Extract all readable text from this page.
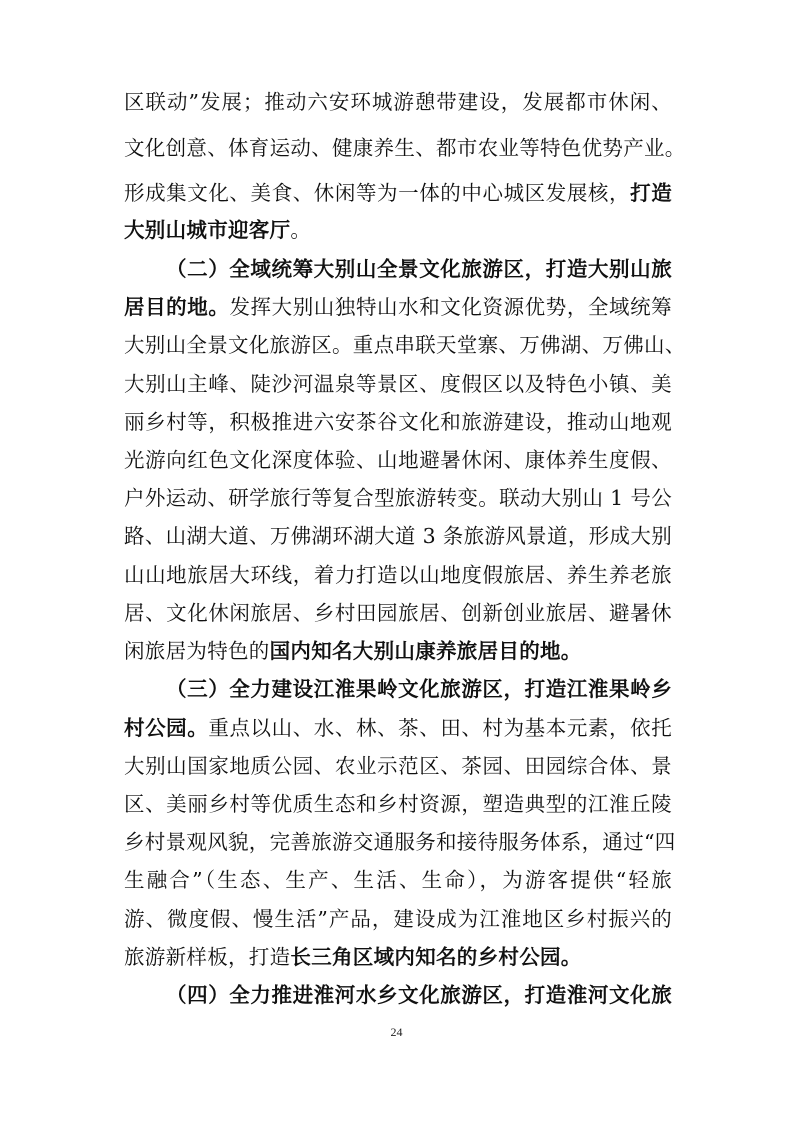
区联动”发展；推动六安环城游憩带建设，发展都市休闲、
文化创意、体育运动、健康养生、都市农业等特色优势产业。
形成集文化、美食、休闲等为一体的中心城区发展核，打造
大别山城市迎客厅。
（二）全域统筹大别山全景文化旅游区，打造大别山旅
居目的地。发挥大别山独特山水和文化资源优势，全域统筹
大别山全景文化旅游区。重点串联天堂寨、万佛湖、万佛山、
大别山主峰、陡沙河温泉等景区、度假区以及特色小镇、美
丽乡村等，积极推进六安茶谷文化和旅游建设，推动山地观
光游向红色文化深度体验、山地避暑休闲、康体养生度假、
户外运动、研学旅行等复合型旅游转变。联动大别山 1 号公
路、山湖大道、万佛湖环湖大道 3 条旅游风景道，形成大别
山山地旅居大环线，着力打造以山地度假旅居、养生养老旅
居、文化休闲旅居、乡村田园旅居、创新创业旅居、避暑休
闲旅居为特色的国内知名大别山康养旅居目的地。
（三）全力建设江淮果岭文化旅游区，打造江淮果岭乡
村公园。重点以山、水、林、茶、田、村为基本元素，依托
大别山国家地质公园、农业示范区、茶园、田园综合体、景
区、美丽乡村等优质生态和乡村资源，塑造典型的江淮丘陵
乡村景观风貌，完善旅游交通服务和接待服务体系，通过“四
生融合”（生态、生产、生活、生命），为游客提供“轻旅
游、微度假、慢生活”产品，建设成为江淮地区乡村振兴的
旅游新样板，打造长三角区域内知名的乡村公园。
（四）全力推进淮河水乡文化旅游区，打造淮河文化旅
24
